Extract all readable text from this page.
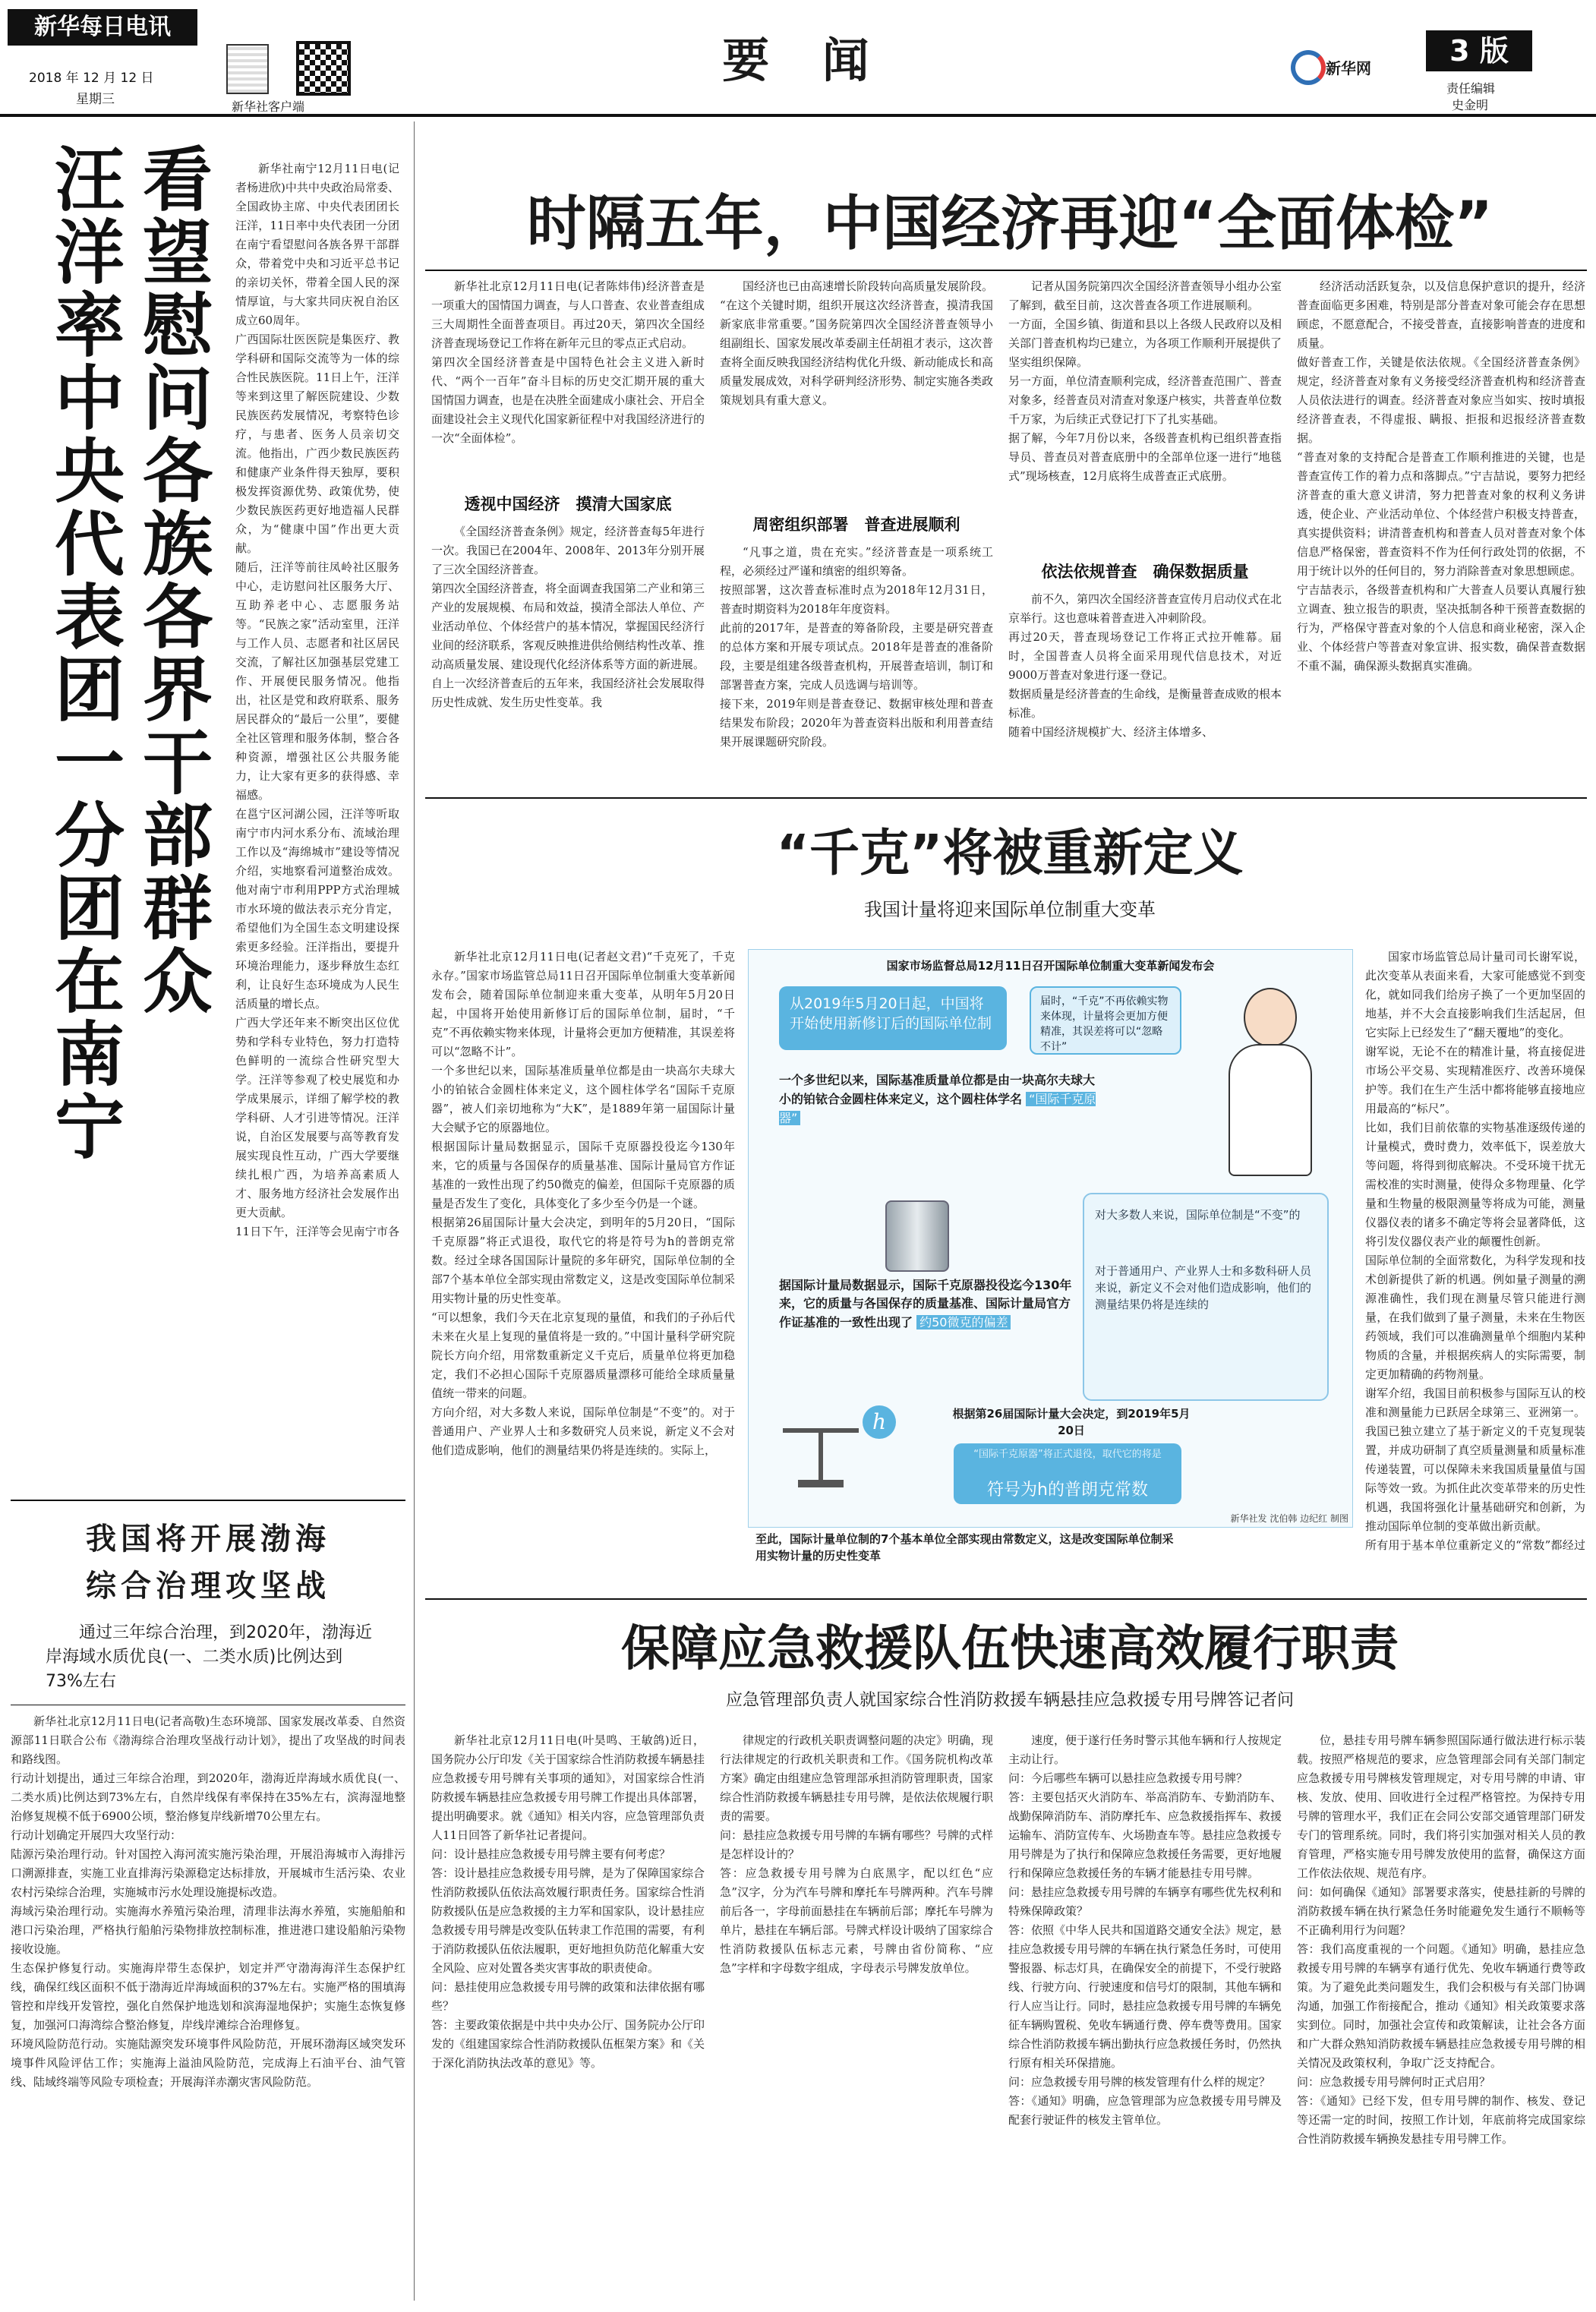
新华每日电讯
2018 年 12 月 12 日
星期三	新华社客户端
要 闻	新华网
3 版
责任编辑
史金明
看望慰问各族各界干部群众
汪洋率中央代表团一分团在南宁	新华社南宁12月11日电(记者杨进欣)中共中央政治局常委、全国政协主席、中央代表团团长汪洋，11日率中央代表团一分团在南宁看望慰问各族各界干部群众，带着党中央和习近平总书记的亲切关怀，带着全国人民的深情厚谊，与大家共同庆祝自治区成立60周年。
广西国际壮医医院是集医疗、教学科研和国际交流等为一体的综合性民族医院。11日上午，汪洋等来到这里了解医院建设、少数民族医药发展情况，考察特色诊疗，与患者、医务人员亲切交流。他指出，广西少数民族医药和健康产业条件得天独厚，要积极发挥资源优势、政策优势，使少数民族医药更好地造福人民群众，为“健康中国”作出更大贡献。
随后，汪洋等前往凤岭社区服务中心，走访慰问社区服务大厅、互助养老中心、志愿服务站等。“民族之家”活动室里，汪洋与工作人员、志愿者和社区居民交流，了解社区加强基层党建工作、开展便民服务情况。他指出，社区是党和政府联系、服务居民群众的“最后一公里”，要健全社区管理和服务体制，整合各种资源，增强社区公共服务能力，让大家有更多的获得感、幸福感。
在邕宁区河湖公园，汪洋等听取南宁市内河水系分布、流域治理工作以及“海绵城市”建设等情况介绍，实地察看河道整治成效。他对南宁市利用PPP方式治理城市水环境的做法表示充分肯定，希望他们为全国生态文明建设探索更多经验。汪洋指出，要提升环境治理能力，逐步释放生态红利，让良好生态环境成为人民生活质量的增长点。
广西大学还年来不断突出区位优势和学科专业特色，努力打造特色鲜明的一流综合性研究型大学。汪洋等参观了校史展览和办学成果展示，详细了解学校的教学科研、人才引进等情况。汪洋说，自治区发展要与高等教育发展实现良性互动，广西大学要继续扎根广西，为培养高素质人才、服务地方经济社会发展作出更大贡献。
11日下午，汪洋等会见南宁市各

时隔五年，中国经济再迎“全面体检”
新华社北京12月11日电(记者陈炜伟)经济普查是一项重大的国情国力调查，与人口普查、农业普查组成三大周期性全面普查项目。再过20天，第四次全国经济普查现场登记工作将在新年元旦的零点正式启动。
第四次全国经济普查是中国特色社会主义进入新时代、“两个一百年”奋斗目标的历史交汇期开展的重大国情国力调查，也是在决胜全面建成小康社会、开启全面建设社会主义现代化国家新征程中对我国经济进行的一次“全面体检”。
透视中国经济　摸清大国家底
《全国经济普查条例》规定，经济普查每5年进行一次。我国已在2004年、2008年、2013年分别开展了三次全国经济普查。
第四次全国经济普查，将全面调查我国第二产业和第三产业的发展规模、布局和效益，摸清全部法人单位、产业活动单位、个体经营户的基本情况，掌握国民经济行业间的经济联系，客观反映推进供给侧结构性改革、推动高质量发展、建设现代化经济体系等方面的新进展。
自上一次经济普查后的五年来，我国经济社会发展取得历史性成就、发生历史性变革。我
国经济也已由高速增长阶段转向高质量发展阶段。
“在这个关键时期，组织开展这次经济普查，摸清我国新家底非常重要。”国务院第四次全国经济普查领导小组副组长、国家发展改革委副主任胡祖才表示，这次普查将全面反映我国经济结构优化升级、新动能成长和高质量发展成效，对科学研判经济形势、制定实施各类政策规划具有重大意义。
周密组织部署　普查进展顺利
“凡事之道，贵在充实。”经济普查是一项系统工程，必须经过严谨和缜密的组织筹备。
按照部署，这次普查标准时点为2018年12月31日，普查时期资料为2018年年度资料。
此前的2017年，是普查的筹备阶段，主要是研究普查的总体方案和开展专项试点。2018年是普查的准备阶段，主要是组建各级普查机构，开展普查培训，制订和部署普查方案，完成人员选调与培训等。
接下来，2019年则是普查登记、数据审核处理和普查结果发布阶段；2020年为普查资料出版和利用普查结果开展课题研究阶段。
记者从国务院第四次全国经济普查领导小组办公室了解到，截至目前，这次普查各项工作进展顺利。
一方面，全国乡镇、街道和县以上各级人民政府以及相关部门普查机构均已建立，为各项工作顺利开展提供了坚实组织保障。
另一方面，单位清查顺利完成，经济普查范围广、普查对象多，经普查员对清查对象逐户核实，共普查单位数千万家，为后续正式登记打下了扎实基础。
据了解，今年7月份以来，各级普查机构已组织普查指导员、普查员对普查底册中的全部单位逐一进行“地毯式”现场核查，12月底将生成普查正式底册。
依法依规普查　确保数据质量
前不久，第四次全国经济普查宣传月启动仪式在北京举行。这也意味着普查进入冲刺阶段。
再过20天，普查现场登记工作将正式拉开帷幕。届时，全国普查人员将全面采用现代信息技术，对近9000万普查对象进行逐一登记。
数据质量是经济普查的生命线，是衡量普查成败的根本标准。
随着中国经济规模扩大、经济主体增多、
经济活动活跃复杂，以及信息保护意识的提升，经济普查面临更多困难，特别是部分普查对象可能会存在思想顾虑，不愿意配合，不接受普查，直接影响普查的进度和质量。
做好普查工作，关键是依法依规。《全国经济普查条例》规定，经济普查对象有义务接受经济普查机构和经济普查人员依法进行的调查。经济普查对象应当如实、按时填报经济普查表，不得虚报、瞒报、拒报和迟报经济普查数据。
“普查对象的支持配合是普查工作顺利推进的关键，也是普查宣传工作的着力点和落脚点。”宁吉喆说，要努力把经济普查的重大意义讲清，努力把普查对象的权利义务讲透，使企业、产业活动单位、个体经营户积极支持普查，真实提供资料；讲清普查机构和普查人员对普查对象个体信息严格保密，普查资料不作为任何行政处罚的依据，不用于统计以外的任何目的，努力消除普查对象思想顾虑。
宁吉喆表示，各级普查机构和广大普查人员要认真履行独立调查、独立报告的职责，坚决抵制各种干预普查数据的行为，严格保守普查对象的个人信息和商业秘密，深入企业、个体经营户等普查对象宣讲、报实数，确保普查数据不重不漏，确保源头数据真实准确。
“千克”将被重新定义
我国计量将迎来国际单位制重大变革
新华社北京12月11日电(记者赵文君)“千克死了，千克永存。”国家市场监管总局11日召开国际单位制重大变革新闻发布会，随着国际单位制迎来重大变革，从明年5月20日起，中国将开始使用新修订后的国际单位制，届时，“千克”不再依赖实物来体现，计量将会更加方便精准，其误差将可以“忽略不计”。
一个多世纪以来，国际基准质量单位都是由一块高尔夫球大小的铂铱合金圆柱体来定义，这个圆柱体学名“国际千克原器”，被人们亲切地称为“大K”，是1889年第一届国际计量大会赋予它的原器地位。
根据国际计量局数据显示，国际千克原器投役迄今130年来，它的质量与各国保存的质量基准、国际计量局官方作证基准的一致性出现了约50微克的偏差，但国际千克原器的质量是否发生了变化，具体变化了多少至今仍是一个谜。
根据第26届国际计量大会决定，到明年的5月20日，“国际千克原器”将正式退役，取代它的将是符号为h的普朗克常数。经过全球各国国际计量院的多年研究，国际单位制的全部7个基本单位全部实现由常数定义，这是改变国际单位制采用实物计量的历史性变革。
“可以想象，我们今天在北京复现的量值，和我们的子孙后代未来在火星上复现的量值将是一致的。”中国计量科学研究院院长方向介绍，用常数重新定义千克后，质量单位将更加稳定，我们不必担心国际千克原器质量漂移可能给全球质量量值统一带来的问题。
方向介绍，对大多数人来说，国际单位制是“不变”的。对于普通用户、产业界人士和多数研究人员来说，新定义不会对他们造成影响，他们的测量结果仍将是连续的。实际上，
国家市场监管总局计量司司长谢军说，此次变革从表面来看，大家可能感觉不到变化，就如同我们给房子换了一个更加坚固的地基，并不大会直接影响我们生活起居，但它实际上已经发生了“翻天覆地”的变化。
谢军说，无论不在的精准计量，将直接促进市场公平交易、实现精准医疗、改善环境保护等。我们在生产生活中都将能够直接地应用最高的“标尺”。
比如，我们目前依靠的实物基准逐级传递的计量模式，费时费力，效率低下，误差放大等问题，将得到彻底解决。不受环境干扰无需校准的实时测量，使得众多物理量、化学量和生物量的极限测量等将成为可能，测量仪器仪表的诸多不确定等将会显著降低，这将引发仪器仪表产业的颠覆性创新。
国际单位制的全面常数化，为科学发现和技术创新提供了新的机遇。例如量子测量的溯源准确性，我们现在测量尽管只能进行测量，在我们做到了量子测量，未来在生物医药领域，我们可以准确测量单个细胞内某种物质的含量，并根据疾病人的实际需要，制定更加精确的药物剂量。
谢军介绍，我国目前积极参与国际互认的校准和测量能力已跃居全球第三、亚洲第一。我国已独立建立了基于新定义的千克复现装置，并成功研制了真空质量测量和质量标准传递装置，可以保障未来我国质量量值与国际等效一致。为抓住此次变革带来的历史性机遇，我国将强化计量基础研究和创新，为推动国际单位制的变革做出新贡献。
所有用于基本单位重新定义的“常数”都经过
国家市场监督总局12月11日召开国际单位制重大变革新闻发布会
从2019年5月20日起，中国将开始使用新修订后的国际单位制
届时，“千克”不再依赖实物来体现，计量将会更加方便精准，其误差将可以“忽略不计”
一个多世纪以来，国际基准质量单位都是由一块高尔夫球大小的铂铱合金圆柱体来定义，这个圆柱体学名 “国际千克原器”
对大多数人来说，国际单位制是“不变”的
对于普通用户、产业界人士和多数科研人员来说，新定义不会对他们造成影响，他们的测量结果仍将是连续的
据国际计量局数据显示，国际千克原器投役迄今130年来，它的质量与各国保存的质量基准、国际计量局官方作证基准的一致性出现了 约50微克的偏差
h	根据第26届国际计量大会决定，到2019年5月20日
“国际千克原器”将正式退役，取代它的将是
符号为h的普朗克常数
新华社发 沈伯韩 边纪红 制图
至此，国际计量单位制的7个基本单位全部实现由常数定义，这是改变国际单位制采用实物计量的历史性变革
我国将开展渤海
综合治理攻坚战
通过三年综合治理，到2020年，渤海近岸海域水质优良(一、二类水质)比例达到73%左右
新华社北京12月11日电(记者高敬)生态环境部、国家发展改革委、自然资源部11日联合公布《渤海综合治理攻坚战行动计划》，提出了攻坚战的时间表和路线图。
行动计划提出，通过三年综合治理，到2020年，渤海近岸海域水质优良(一、二类水质)比例达到73%左右，自然岸线保有率保持在35%左右，滨海湿地整治修复规模不低于6900公顷，整治修复岸线新增70公里左右。
行动计划确定开展四大攻坚行动：
陆源污染治理行动。针对国控入海河流实施污染治理，开展沿海城市入海排污口溯源排查，实施工业直排海污染源稳定达标排放，开展城市生活污染、农业农村污染综合治理，实施城市污水处理设施提标改造。
海域污染治理行动。实施海水养殖污染治理，清理非法海水养殖，实施船舶和港口污染治理，严格执行船舶污染物排放控制标准，推进港口建设船舶污染物接收设施。
生态保护修复行动。实施海岸带生态保护，划定并严守渤海海洋生态保护红线，确保红线区面积不低于渤海近岸海域面积的37%左右。实施严格的围填海管控和岸线开发管控，强化自然保护地选划和滨海湿地保护；实施生态恢复修复，加强河口海湾综合整治修复，岸线岸滩综合治理修复。
环境风险防范行动。实施陆源突发环境事件风险防范，开展环渤海区域突发环境事件风险评估工作；实施海上溢油风险防范，完成海上石油平台、油气管线、陆域终端等风险专项检查；开展海洋赤潮灾害风险防范。
保障应急救援队伍快速高效履行职责
应急管理部负责人就国家综合性消防救援车辆悬挂应急救援专用号牌答记者问
新华社北京12月11日电(叶昊鸣、王敏鸽)近日，国务院办公厅印发《关于国家综合性消防救援车辆悬挂应急救援专用号牌有关事项的通知》，对国家综合性消防救援车辆悬挂应急救援专用号牌工作提出具体部署，提出明确要求。就《通知》相关内容，应急管理部负责人11日回答了新华社记者提问。
问：设计悬挂应急救援专用号牌主要有何考虑？
答：设计悬挂应急救援专用号牌，是为了保障国家综合性消防救援队伍依法高效履行职责任务。国家综合性消防救援队伍是应急救援的主力军和国家队，设计悬挂应急救援专用号牌是改变队伍转隶工作范围的需要，有利于消防救援队伍依法履职，更好地担负防范化解重大安全风险、应对处置各类灾害事故的职责使命。
问：悬挂使用应急救援专用号牌的政策和法律依据有哪些？
答：主要政策依据是中共中央办公厅、国务院办公厅印发的《组建国家综合性消防救援队伍框架方案》和《关于深化消防执法改革的意见》等。
律规定的行政机关职责调整问题的决定》明确，现行法律规定的行政机关职责和工作。《国务院机构改革方案》确定由组建应急管理部承担消防管理职责，国家综合性消防救援车辆悬挂专用号牌，是依法依规履行职责的需要。
问：悬挂应急救援专用号牌的车辆有哪些？号牌的式样是怎样设计的？
答：应急救援专用号牌为白底黑字，配以红色“应急”汉字，分为汽车号牌和摩托车号牌两种。汽车号牌前后各一，字母前面悬挂在车辆前后部；摩托车号牌为单片，悬挂在车辆后部。号牌式样设计吸纳了国家综合性消防救援队伍标志元素，号牌由省份简称、“应急”字样和字母数字组成，字母表示号牌发放单位。
速度，便于遂行任务时警示其他车辆和行人按规定主动让行。
问：今后哪些车辆可以悬挂应急救援专用号牌？
答：主要包括灭火消防车、举高消防车、专勤消防车、战勤保障消防车、消防摩托车、应急救援指挥车、救援运输车、消防宣传车、火场勘查车等。悬挂应急救援专用号牌是为了执行和保障应急救援任务需要，更好地履行和保障应急救援任务的车辆才能悬挂专用号牌。
问：悬挂应急救援专用号牌的车辆享有哪些优先权利和特殊保障政策？
答：依照《中华人民共和国道路交通安全法》规定，悬挂应急救援专用号牌的车辆在执行紧急任务时，可使用警报器、标志灯具，在确保安全的前提下，不受行驶路线、行驶方向、行驶速度和信号灯的限制，其他车辆和行人应当让行。同时，悬挂应急救援专用号牌的车辆免征车辆购置税、免收车辆通行费、停车费等费用。国家综合性消防救援车辆出勤执行应急救援任务时，仍然执行原有相关环保措施。
问：应急救援专用号牌的核发管理有什么样的规定？
答：《通知》明确，应急管理部为应急救援专用号牌及配套行驶证件的核发主管单位。
位，悬挂专用号牌车辆参照国际通行做法进行标示装载。按照严格规范的要求，应急管理部会同有关部门制定应急救援专用号牌核发管理规定，对专用号牌的申请、审核、发放、使用、回收进行全过程严格管控。为保持专用号牌的管理水平，我们正在会同公安部交通管理部门研发专门的管理系统。同时，我们将引实加强对相关人员的教育管理，严格实施专用号牌发放使用的监督，确保这方面工作依法依规、规范有序。
问：如何确保《通知》部署要求落实，使悬挂新的号牌的消防救援车辆在执行紧急任务时能避免发生通行不顺畅等不正确利用行为问题？
答：我们高度重视的一个问题。《通知》明确，悬挂应急救援专用号牌的车辆享有通行优先、免收车辆通行费等政策。为了避免此类问题发生，我们会积极与有关部门协调沟通，加强工作衔接配合，推动《通知》相关政策要求落实到位。同时，加强社会宣传和政策解读，让社会各方面和广大群众熟知消防救援车辆悬挂应急救援专用号牌的相关情况及政策权利，争取广泛支持配合。
问：应急救援专用号牌何时正式启用？
答：《通知》已经下发，但专用号牌的制作、核发、登记等还需一定的时间，按照工作计划，年底前将完成国家综合性消防救援车辆换发悬挂专用号牌工作。
